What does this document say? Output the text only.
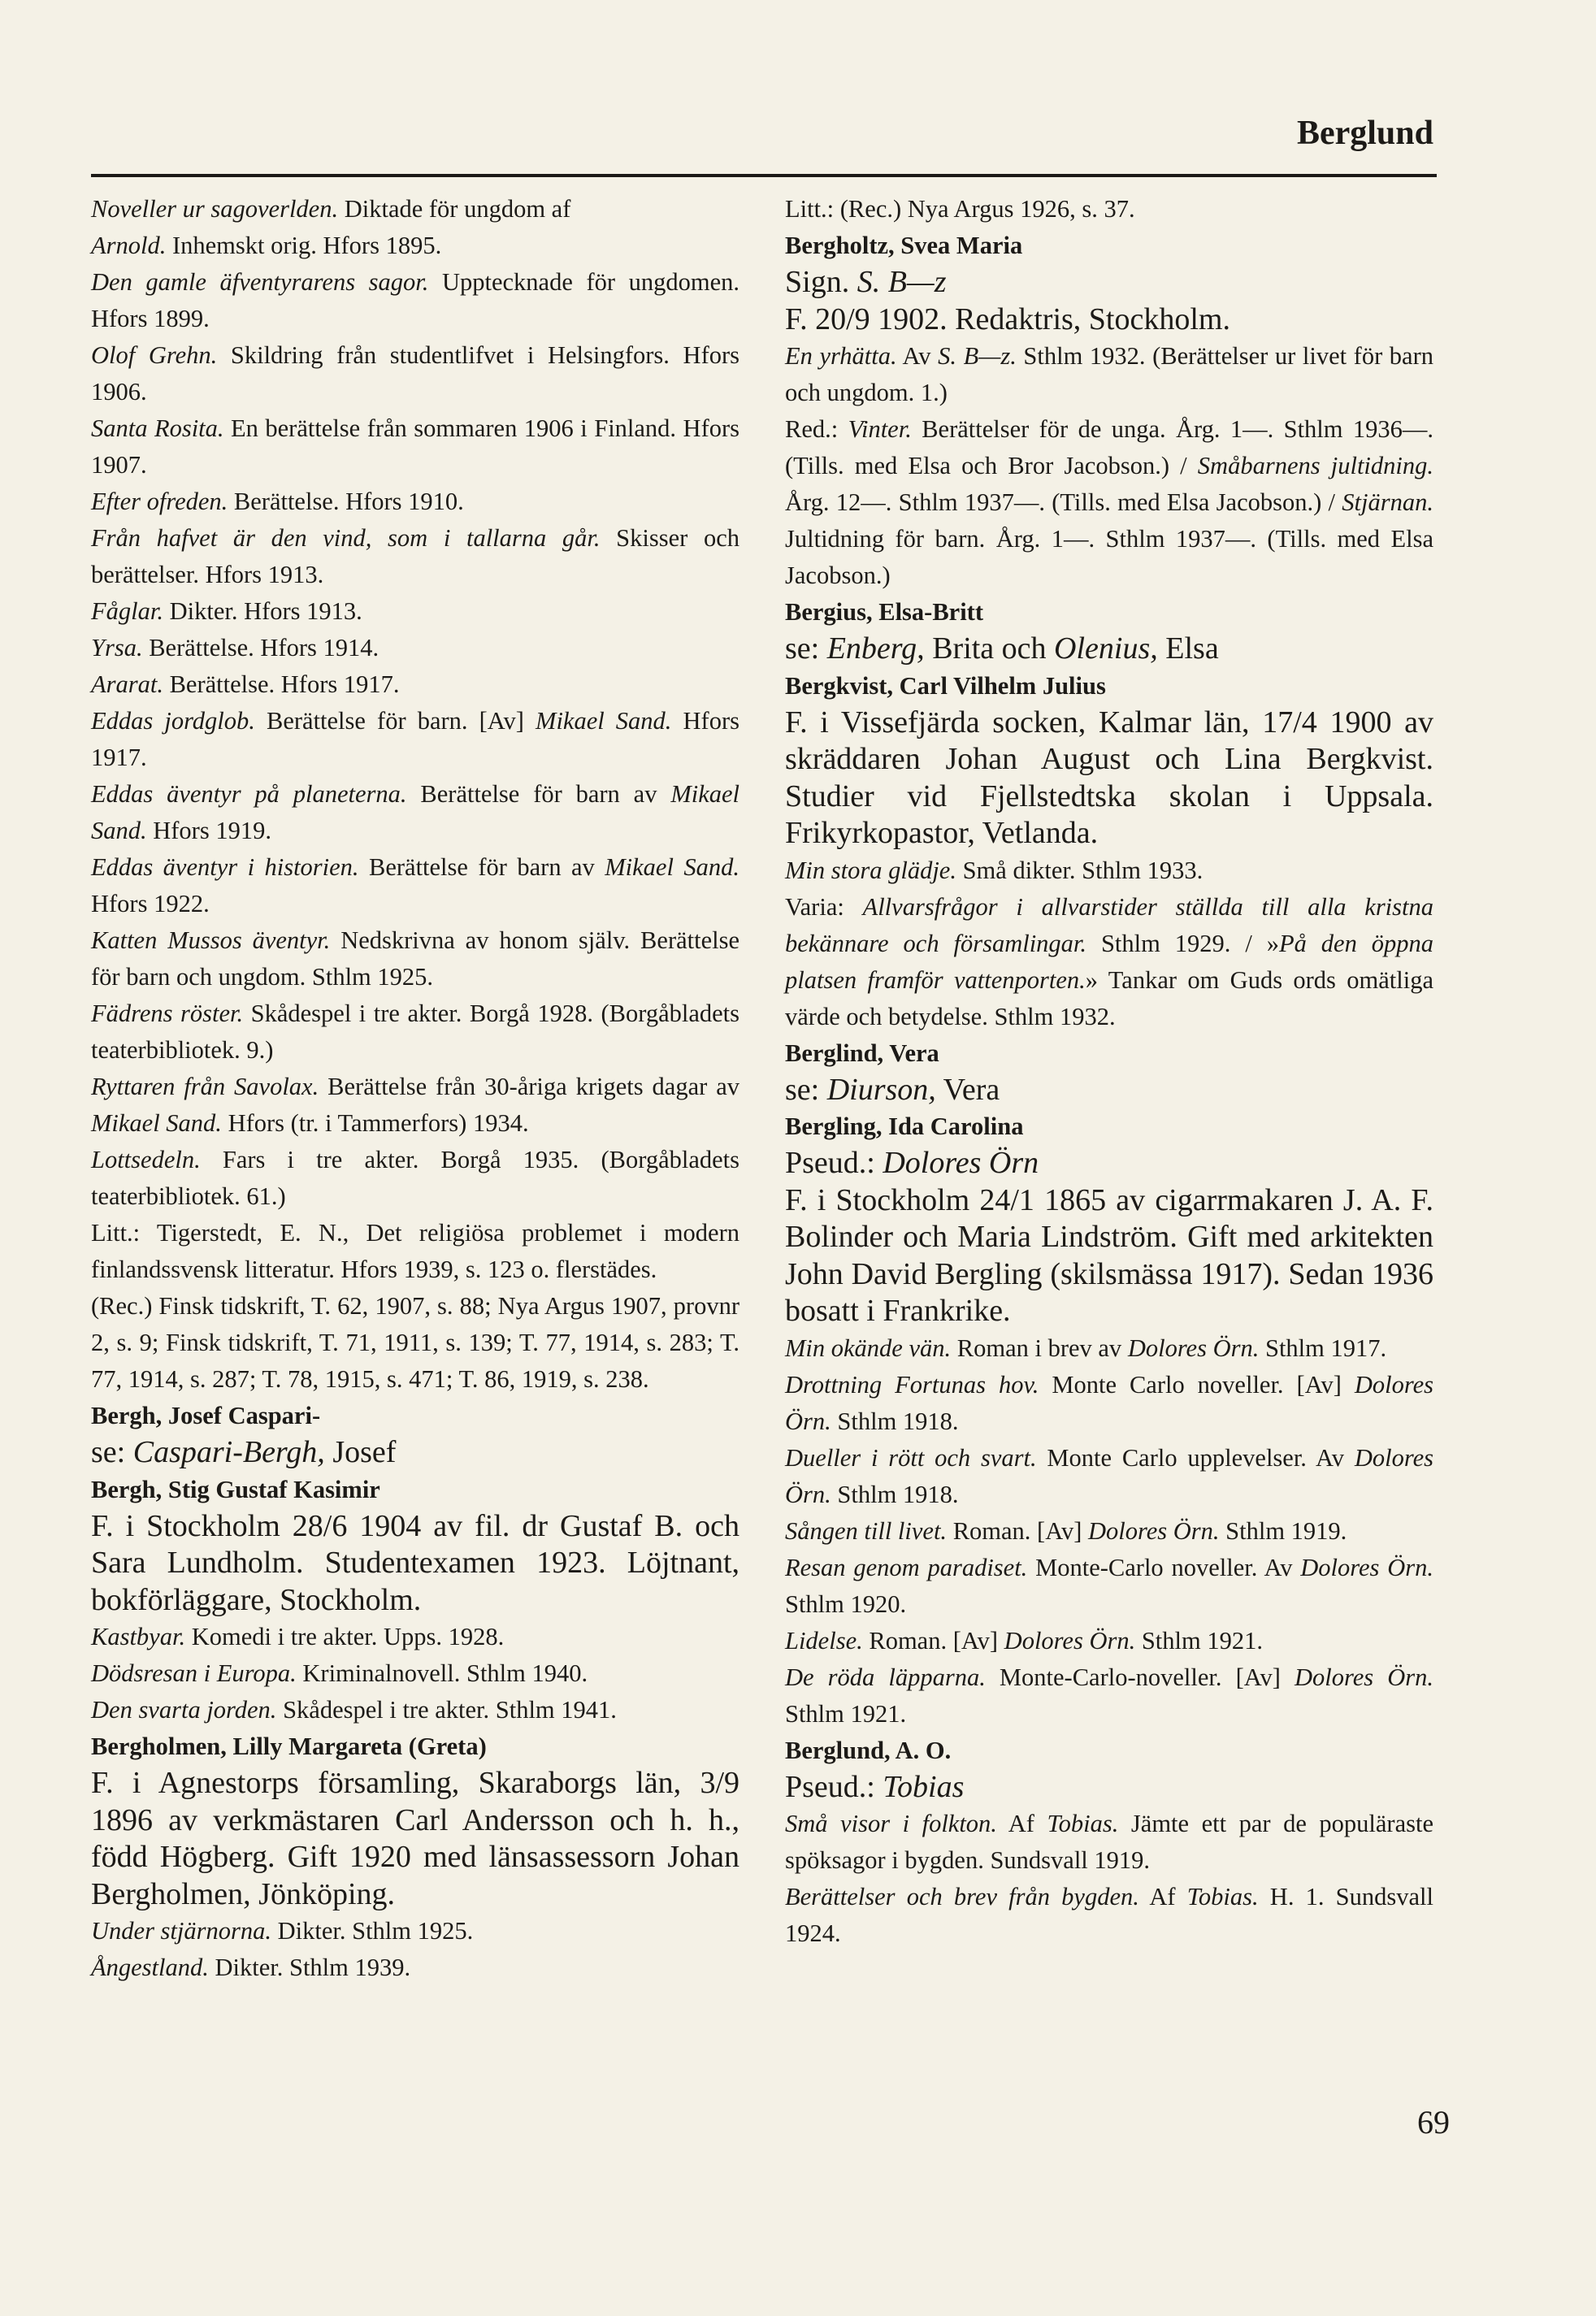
Berglund

Noveller ur sagoverlden. Diktade för ungdom af

Arnold. Inhemskt orig. Hfors 1895.

Den gamle äfventyrarens sagor. Upptecknade för ungdomen. Hfors 1899.

Olof Grehn. Skildring från studentlifvet i Helsingfors. Hfors 1906.

Santa Rosita. En berättelse från sommaren 1906 i Finland. Hfors 1907.

Efter ofreden. Berättelse. Hfors 1910.

Från hafvet är den vind, som i tallarna går. Skisser och berättelser. Hfors 1913.

Fåglar. Dikter. Hfors 1913.

Yrsa. Berättelse. Hfors 1914.

Ararat. Berättelse. Hfors 1917.

Eddas jordglob. Berättelse för barn. [Av] Mikael Sand. Hfors 1917.

Eddas äventyr på planeterna. Berättelse för barn av Mikael Sand. Hfors 1919.

Eddas äventyr i historien. Berättelse för barn av Mikael Sand. Hfors 1922.

Katten Mussos äventyr. Nedskrivna av honom själv. Berättelse för barn och ungdom. Sthlm 1925.

Fädrens röster. Skådespel i tre akter. Borgå 1928. (Borgåbladets teaterbibliotek. 9.)

Ryttaren från Savolax. Berättelse från 30-åriga krigets dagar av Mikael Sand. Hfors (tr. i Tammerfors) 1934.

Lottsedeln. Fars i tre akter. Borgå 1935. (Borgåbladets teaterbibliotek. 61.)

Litt.: Tigerstedt, E. N., Det religiösa problemet i modern finlandssvensk litteratur. Hfors 1939, s. 123 o. flerstädes.

(Rec.) Finsk tidskrift, T. 62, 1907, s. 88; Nya Argus 1907, provnr 2, s. 9; Finsk tidskrift, T. 71, 1911, s. 139; T. 77, 1914, s. 283; T. 77, 1914, s. 287; T. 78, 1915, s. 471; T. 86, 1919, s. 238.

Bergh, Josef Caspari-

se: Caspari-Bergh, Josef

Bergh, Stig Gustaf Kasimir

F. i Stockholm 28/6 1904 av fil. dr Gustaf B. och Sara Lundholm. Studentexamen 1923. Löjtnant, bokförläggare, Stockholm.

Kastbyar. Komedi i tre akter. Upps. 1928.

Dödsresan i Europa. Kriminalnovell. Sthlm 1940.

Den svarta jorden. Skådespel i tre akter. Sthlm 1941.

Bergholmen, Lilly Margareta (Greta)

F. i Agnestorps församling, Skaraborgs län, 3/9 1896 av verkmästaren Carl Andersson och h. h., född Högberg. Gift 1920 med länsassessorn Johan Bergholmen, Jönköping.

Under stjärnorna. Dikter. Sthlm 1925.

Ångestland. Dikter. Sthlm 1939.

Litt.: (Rec.) Nya Argus 1926, s. 37.

Bergholtz, Svea Maria

Sign. S. B—z

F. 20/9 1902. Redaktris, Stockholm.

En yrhätta. Av S. B—z. Sthlm 1932. (Berättelser ur livet för barn och ungdom. 1.)

Red.: Vinter. Berättelser för de unga. Årg. 1—. Sthlm 1936—. (Tills. med Elsa och Bror Jacobson.) / Småbarnens jultidning. Årg. 12—. Sthlm 1937—. (Tills. med Elsa Jacobson.) / Stjärnan. Jultidning för barn. Årg. 1—. Sthlm 1937—. (Tills. med Elsa Jacobson.)

Bergius, Elsa-Britt

se: Enberg, Brita och Olenius, Elsa

Bergkvist, Carl Vilhelm Julius

F. i Vissefjärda socken, Kalmar län, 17/4 1900 av skräddaren Johan August och Lina Bergkvist. Studier vid Fjellstedtska skolan i Uppsala. Frikyrkopastor, Vetlanda.

Min stora glädje. Små dikter. Sthlm 1933.

Varia: Allvarsfrågor i allvarstider ställda till alla kristna bekännare och församlingar. Sthlm 1929. / »På den öppna platsen framför vattenporten.» Tankar om Guds ords omätliga värde och betydelse. Sthlm 1932.

Berglind, Vera

se: Diurson, Vera

Bergling, Ida Carolina

Pseud.: Dolores Örn

F. i Stockholm 24/1 1865 av cigarrmakaren J. A. F. Bolinder och Maria Lindström. Gift med arkitekten John David Bergling (skilsmässa 1917). Sedan 1936 bosatt i Frankrike.

Min okände vän. Roman i brev av Dolores Örn. Sthlm 1917.

Drottning Fortunas hov. Monte Carlo noveller. [Av] Dolores Örn. Sthlm 1918.

Dueller i rött och svart. Monte Carlo upplevelser. Av Dolores Örn. Sthlm 1918.

Sången till livet. Roman. [Av] Dolores Örn. Sthlm 1919.

Resan genom paradiset. Monte-Carlo noveller. Av Dolores Örn. Sthlm 1920.

Lidelse. Roman. [Av] Dolores Örn. Sthlm 1921.

De röda läpparna. Monte-Carlo-noveller. [Av] Dolores Örn. Sthlm 1921.

Berglund, A. O.

Pseud.: Tobias

Små visor i folkton. Af Tobias. Jämte ett par de populäraste spöksagor i bygden. Sundsvall 1919.

Berättelser och brev från bygden. Af Tobias. H. 1. Sundsvall 1924.

69
